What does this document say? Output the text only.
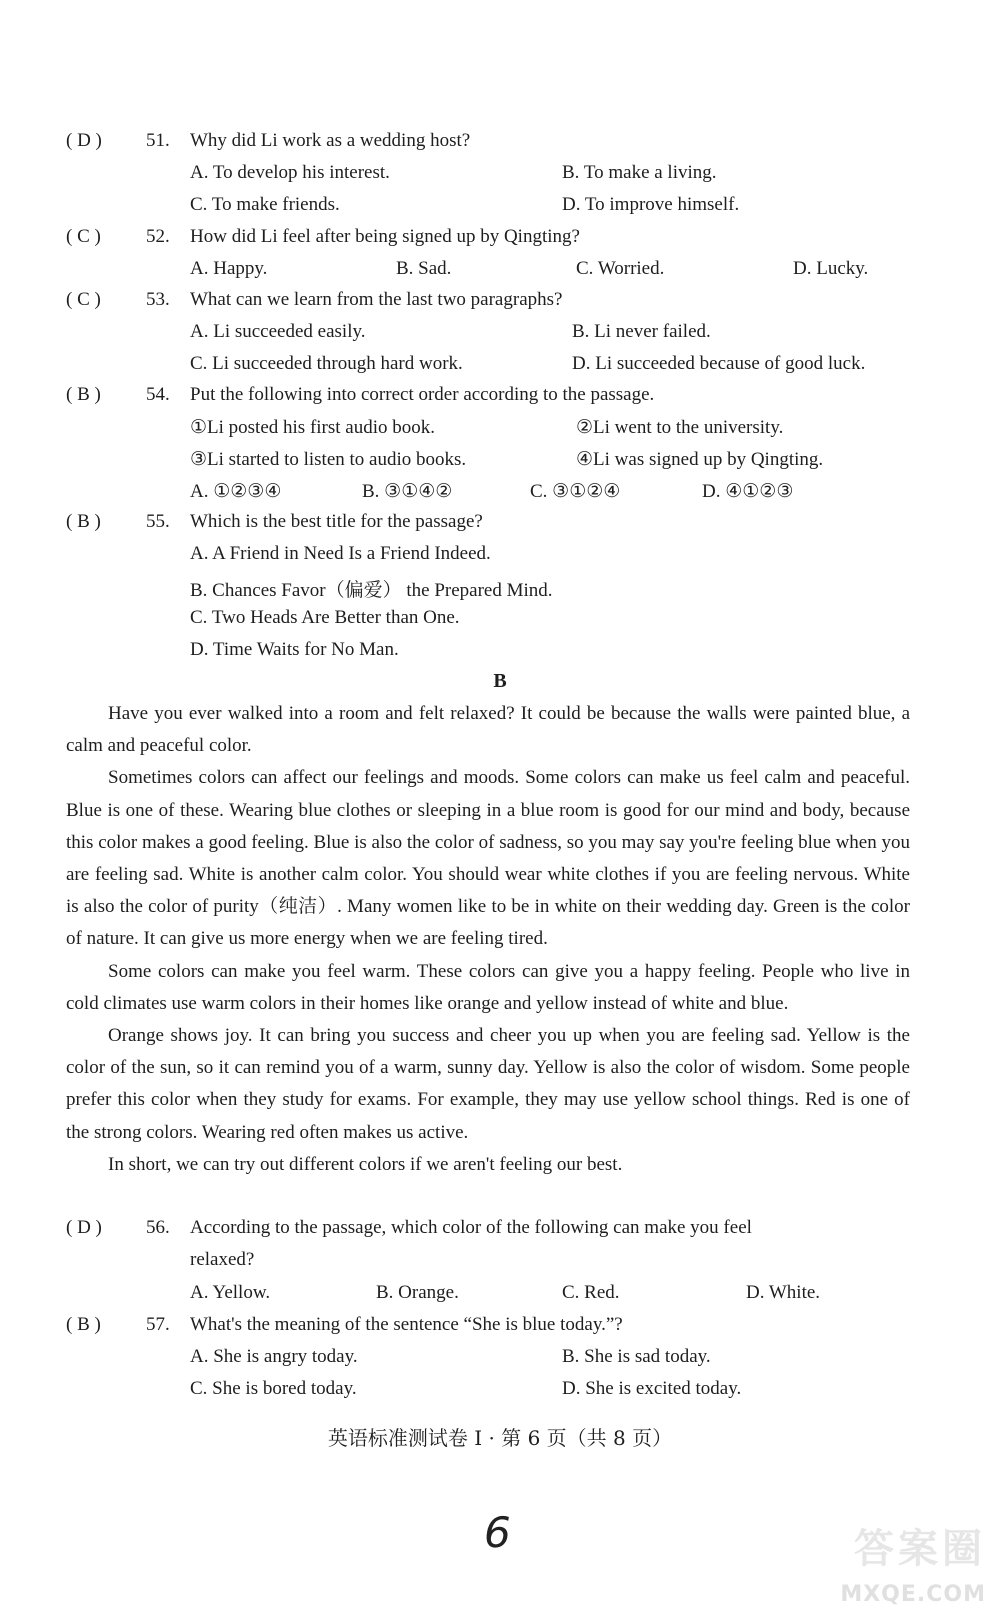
( D )	51. Why did Li work as a wedding host?
A. To develop his interest.	B. To make a living.
C. To make friends.	D. To improve himself.
( C )	52. How did Li feel after being signed up by Qingting?
A. Happy.	B. Sad.	C. Worried.	D. Lucky.
( C )	53. What can we learn from the last two paragraphs?
A. Li succeeded easily.	B. Li never failed.
C. Li succeeded through hard work.	D. Li succeeded because of good luck.
( B )	54. Put the following into correct order according to the passage.
①Li posted his first audio book.	②Li went to the university.
③Li started to listen to audio books.	④Li was signed up by Qingting.
A. ①②③④	B. ③①④②	C. ③①②④	D. ④①②③
( B )	55. Which is the best title for the passage?
A. A Friend in Need Is a Friend Indeed.
B. Chances Favor（偏爱） the Prepared Mind.
C. Two Heads Are Better than One.
D. Time Waits for No Man.
B
Have you ever walked into a room and felt relaxed? It could be because the walls were painted blue, a calm and peaceful color.
Sometimes colors can affect our feelings and moods. Some colors can make us feel calm and peaceful. Blue is one of these. Wearing blue clothes or sleeping in a blue room is good for our mind and body, because this color makes a good feeling. Blue is also the color of sadness, so you may say you're feeling blue when you are feeling sad. White is another calm color. You should wear white clothes if you are feeling nervous. White is also the color of purity（纯洁）. Many women like to be in white on their wedding day. Green is the color of nature. It can give us more energy when we are feeling tired.
Some colors can make you feel warm. These colors can give you a happy feeling. People who live in cold climates use warm colors in their homes like orange and yellow instead of white and blue.
Orange shows joy. It can bring you success and cheer you up when you are feeling sad. Yellow is the color of the sun, so it can remind you of a warm, sunny day. Yellow is also the color of wisdom. Some people prefer this color when they study for exams. For example, they may use yellow school things. Red is one of the strong colors. Wearing red often makes us active.
In short, we can try out different colors if we aren't feeling our best.
( D )	56. According to the passage, which color of the following can make you feel
relaxed?
A. Yellow.	B. Orange.	C. Red.	D. White.
( B )	57. What's the meaning of the sentence “She is blue today.”?
A. She is angry today.	B. She is sad today.
C. She is bored today.	D. She is excited today.
英语标准测试卷 I · 第 6 页（共 8 页）
6	答案圈
MXQE.COM
